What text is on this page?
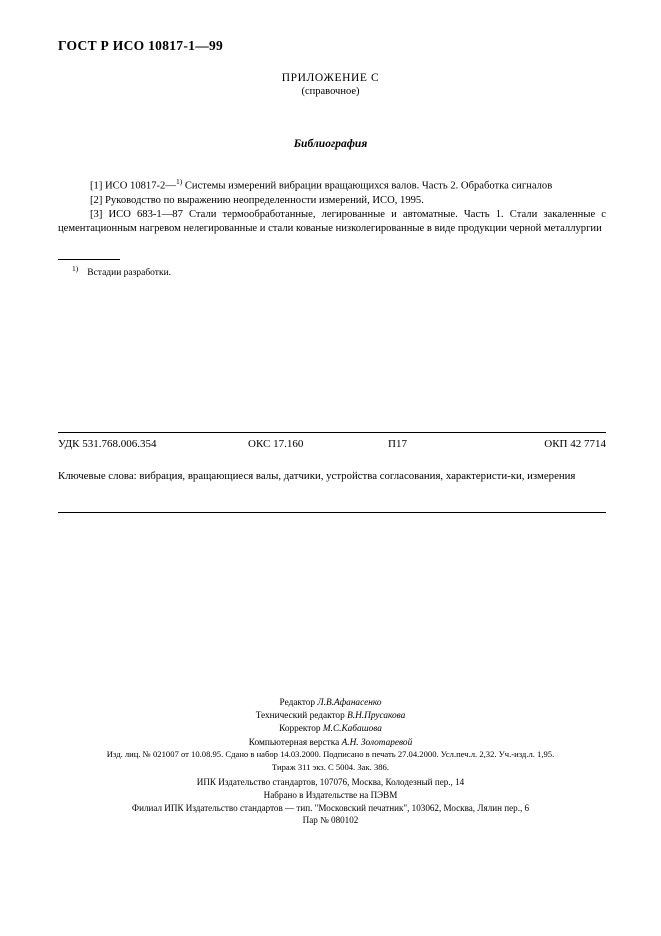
ГОСТ Р ИСО 10817-1—99
ПРИЛОЖЕНИЕ С
(справочное)
Библиография
[1] ИСО 10817-2—$^{1)}$ Системы измерений вибрации вращающихся валов. Часть 2. Обработка сигналов
[2] Руководство по выражению неопределенности измерений, ИСО, 1995.
[3] ИСО 683-1—87 Стали термообработанные, легированные и автоматные. Часть 1. Стали закаленные с цементационным нагревом нелегированные и стали кованые низколегированные в виде продукции черной металлургии
$^{1)}$ Встадии разработки.
УДК 531.768.006.354	ОКС 17.160	П17	ОКП 42 7714
Ключевые слова: вибрация, вращающиеся валы, датчики, устройства согласования, характеристи-ки, измерения
Редактор Л.В.Афанасенко
Технический редактор В.Н.Прусакова
Корректор М.С.Кабашова
Компьютерная верстка А.Н. Золотаревой
Изд. лиц. № 021007 от 10.08.95. Сдано в набор 14.03.2000. Подписано в печать 27.04.2000. Усл.печ.л. 2,32. Уч.-изд.л. 1,95.
Тираж 311 экз. С 5004. Зак. 386.
ИПК Издательство стандартов, 107076, Москва, Колодезный пер., 14
Набрано в Издательстве на ПЭВМ
Филиал ИПК Издательство стандартов — тип. "Московский печатник", 103062, Москва, Лялин пер., 6
Пар № 080102
